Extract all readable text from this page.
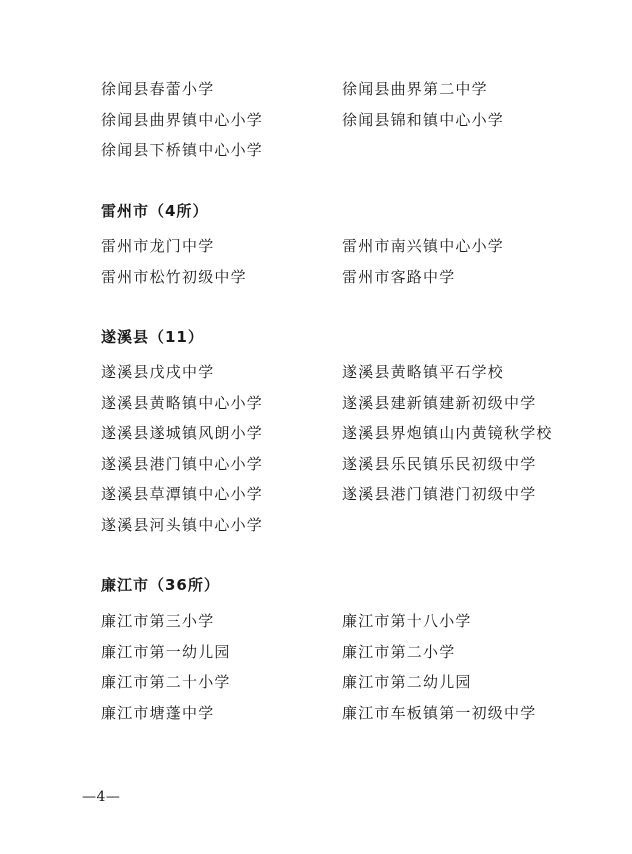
徐闻县春蕾小学
徐闻县曲界镇中心小学
徐闻县下桥镇中心小学
徐闻县曲界第二中学
徐闻县锦和镇中心小学
雷州市（4所）
雷州市龙门中学
雷州市松竹初级中学
雷州市南兴镇中心小学
雷州市客路中学
遂溪县（11）
遂溪县戊戌中学
遂溪县黄略镇中心小学
遂溪县遂城镇风朗小学
遂溪县港门镇中心小学
遂溪县草潭镇中心小学
遂溪县河头镇中心小学
遂溪县黄略镇平石学校
遂溪县建新镇建新初级中学
遂溪县界炮镇山内黄镜秋学校
遂溪县乐民镇乐民初级中学
遂溪县港门镇港门初级中学
廉江市（36所）
廉江市第三小学
廉江市第一幼儿园
廉江市第二十小学
廉江市塘蓬中学
廉江市第十八小学
廉江市第二小学
廉江市第二幼儿园
廉江市车板镇第一初级中学
—4—
